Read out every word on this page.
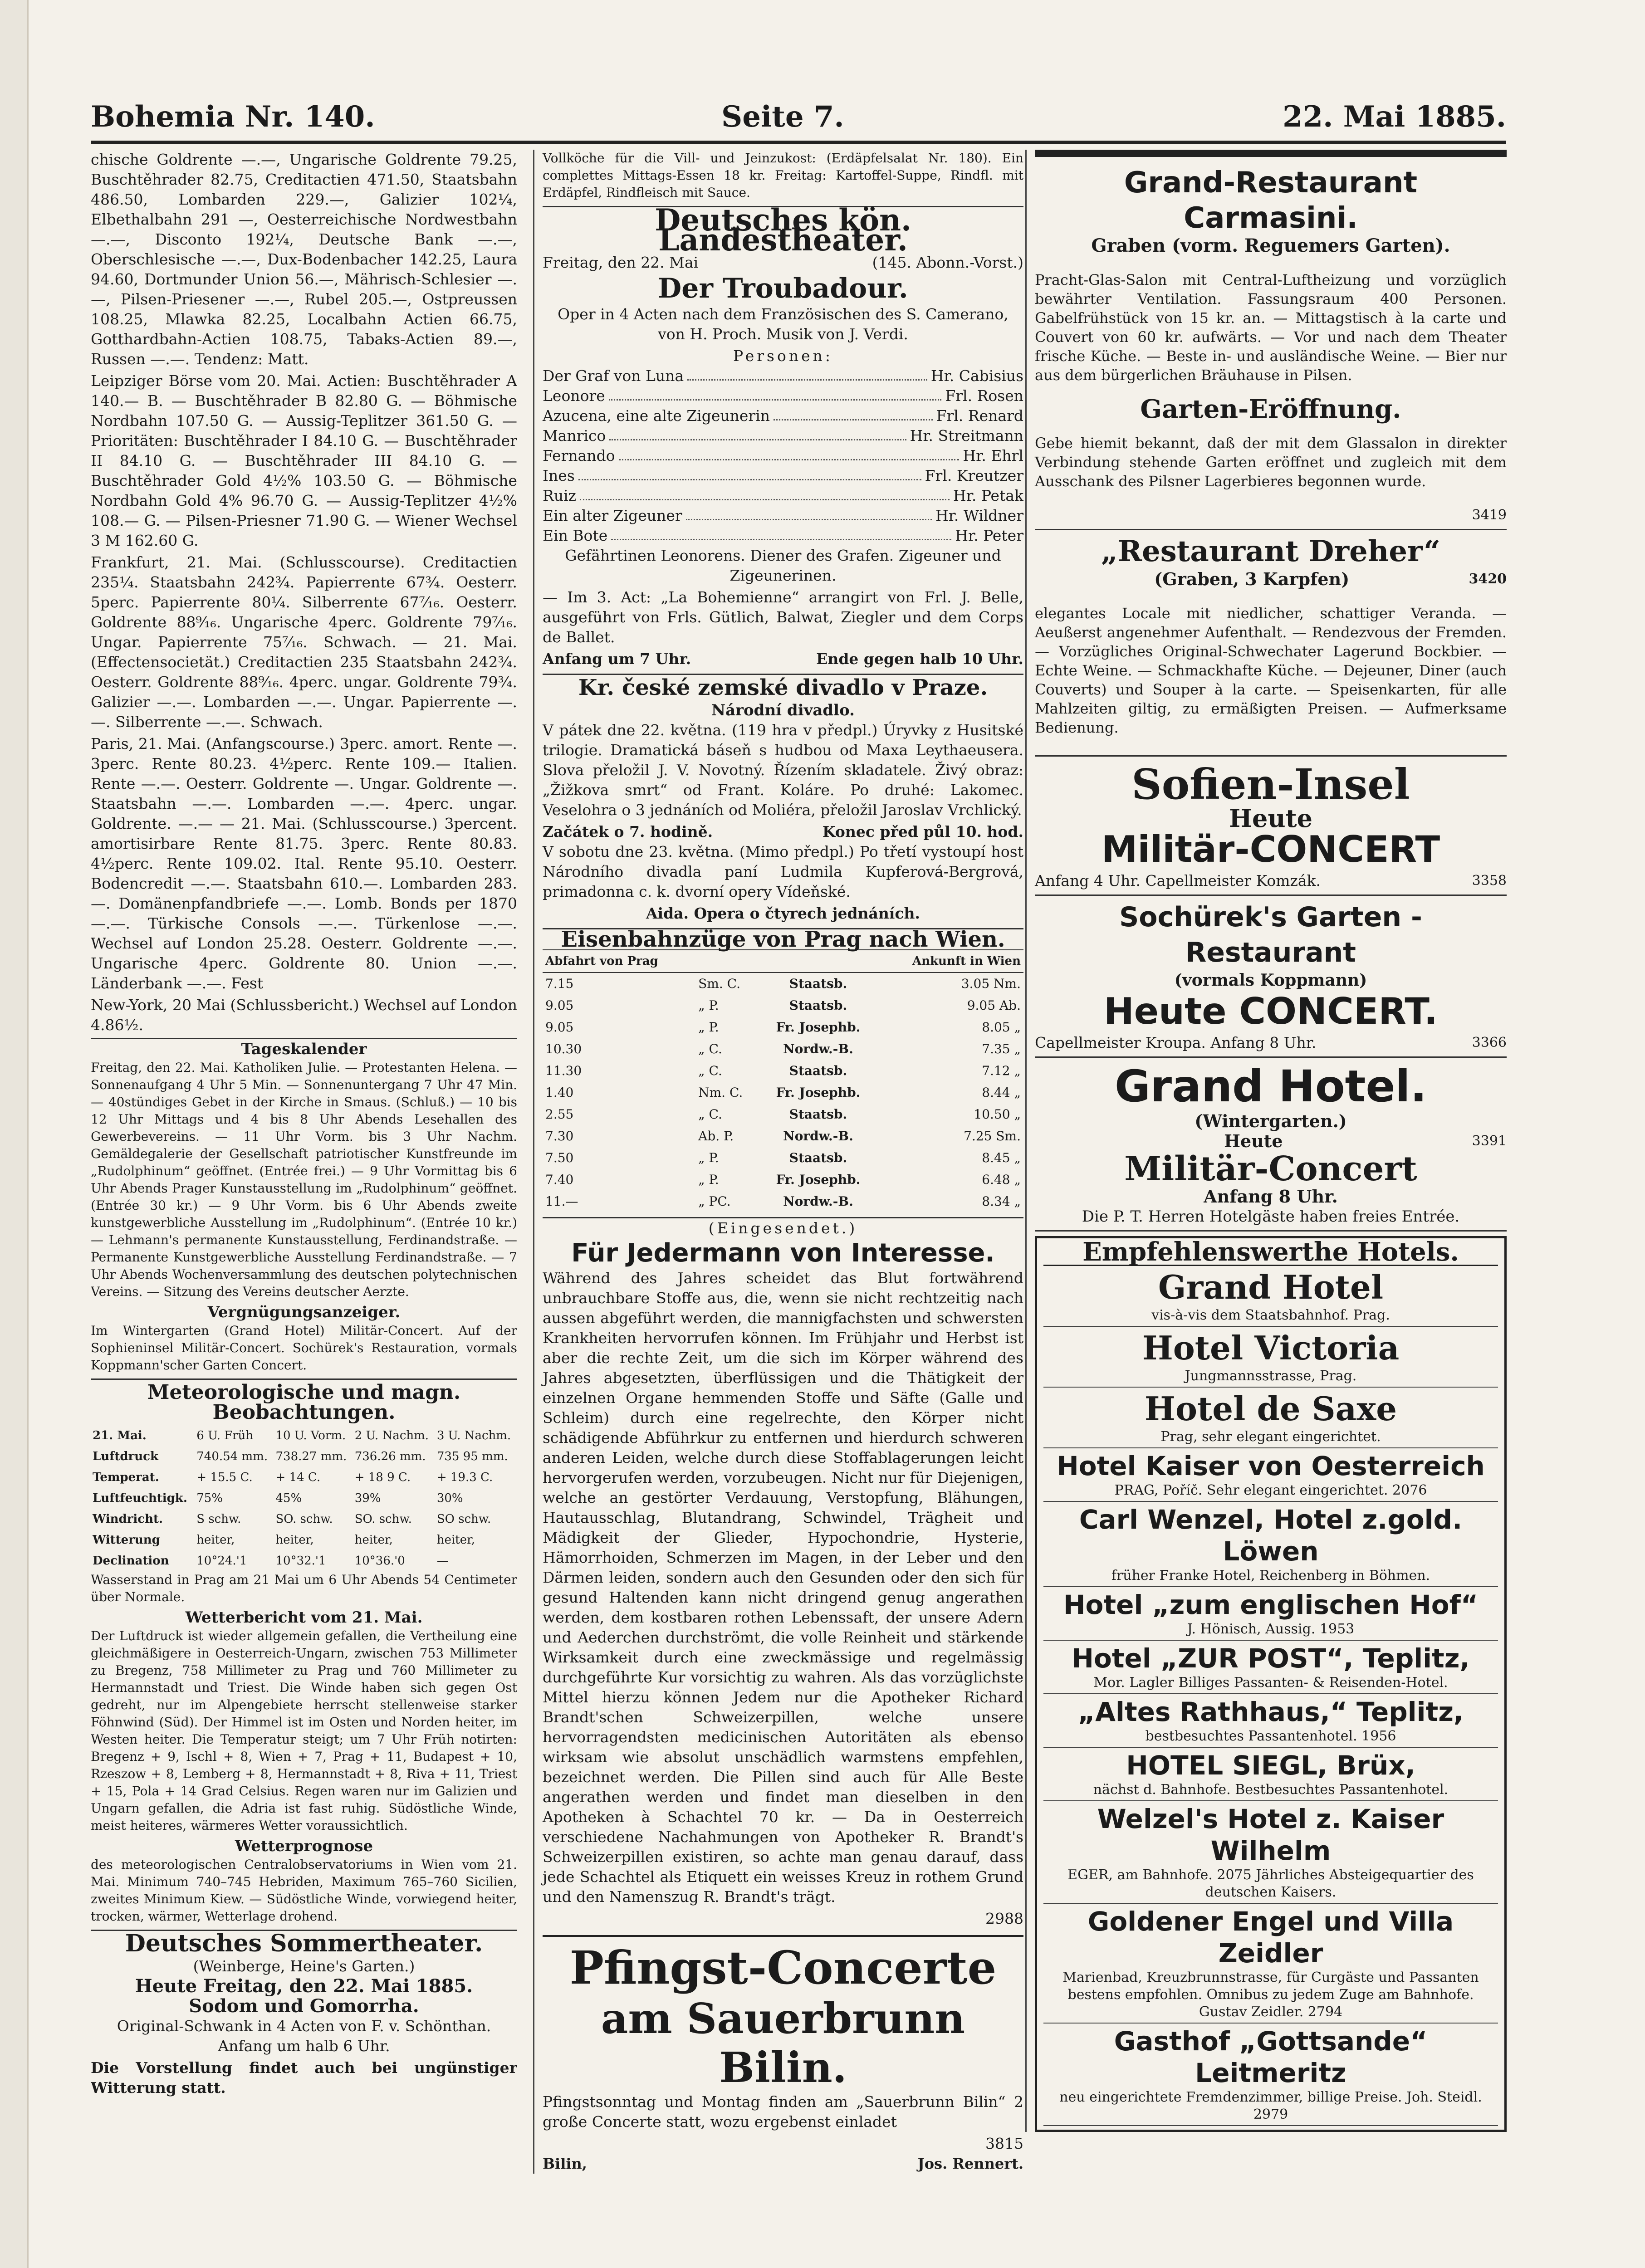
Bohemia Nr. 140.	Seite 7.	22. Mai 1885.

chische Goldrente —.—, Ungarische Goldrente 79.25, Buschtěhrader 82.75, Creditactien 471.50, Staatsbahn 486.50, Lombarden 229.—, Galizier 102¼, Elbethalbahn 291 —, Oesterreichische Nordwestbahn —.—, Disconto 192¼, Deutsche Bank —.—, Oberschlesische —.—, Dux-Bodenbacher 142.25, Laura 94.60, Dortmunder Union 56.—, Mährisch-Schlesier —.—, Pilsen-Priesener —.—, Rubel 205.—, Ostpreussen 108.25, Mlawka 82.25, Localbahn Actien 66.75, Gotthardbahn-Actien 108.75, Tabaks-Actien 89.—, Russen —.—. Tendenz: Matt.

Leipziger Börse vom 20. Mai. Actien: Buschtěhrader A 140.— B. — Buschtěhrader B 82.80 G. — Böhmische Nordbahn 107.50 G. — Aussig-Teplitzer 361.50 G. — Prioritäten: Buschtěhrader I 84.10 G. — Buschtěhrader II 84.10 G. — Buschtěhrader III 84.10 G. — Buschtěhrader Gold 4½% 103.50 G. — Böhmische Nordbahn Gold 4% 96.70 G. — Aussig-Teplitzer 4½% 108.— G. — Pilsen-Priesner 71.90 G. — Wiener Wechsel 3 M 162.60 G.

Frankfurt, 21. Mai. (Schlusscourse). Creditactien 235¼. Staatsbahn 242¾. Papierrente 67¾. Oesterr. 5perc. Papierrente 80¼. Silberrente 67⁷⁄₁₆. Oesterr. Goldrente 88⁹⁄₁₆. Ungarische 4perc. Goldrente 79⁷⁄₁₆. Ungar. Papierrente 75⁷⁄₁₆. Schwach. — 21. Mai. (Effectensocietät.) Creditactien 235 Staatsbahn 242¾. Oesterr. Goldrente 88⁹⁄₁₆. 4perc. ungar. Goldrente 79¾. Galizier —.—. Lombarden —.—. Ungar. Papierrente —.—. Silberrente —.—. Schwach.

Paris, 21. Mai. (Anfangscourse.) 3perc. amort. Rente —. 3perc. Rente 80.23. 4½perc. Rente 109.— Italien. Rente —.—. Oesterr. Goldrente —. Ungar. Goldrente —. Staatsbahn —.—. Lombarden —.—. 4perc. ungar. Goldrente. —.— — 21. Mai. (Schlusscourse.) 3percent. amortisirbare Rente 81.75. 3perc. Rente 80.83. 4½perc. Rente 109.02. Ital. Rente 95.10. Oesterr. Bodencredit —.—. Staatsbahn 610.—. Lombarden 283.—. Domänenpfandbriefe —.—. Lomb. Bonds per 1870 —.—. Türkische Consols —.—. Türkenlose —.—. Wechsel auf London 25.28. Oesterr. Goldrente —.—. Ungarische 4perc. Goldrente 80. Union —.—. Länderbank —.—. Fest

New-York, 20 Mai (Schlussbericht.) Wechsel auf London 4.86½.

Tageskalender

Freitag, den 22. Mai. Katholiken Julie. — Protestanten Helena. — Sonnenaufgang 4 Uhr 5 Min. — Sonnenuntergang 7 Uhr 47 Min. — 40stündiges Gebet in der Kirche in Smaus. (Schluß.) — 10 bis 12 Uhr Mittags und 4 bis 8 Uhr Abends Lesehallen des Gewerbevereins. — 11 Uhr Vorm. bis 3 Uhr Nachm. Gemäldegalerie der Gesellschaft patriotischer Kunstfreunde im „Rudolphinum“ geöffnet. (Entrée frei.) — 9 Uhr Vormittag bis 6 Uhr Abends Prager Kunstausstellung im „Rudolphinum“ geöffnet. (Entrée 30 kr.) — 9 Uhr Vorm. bis 6 Uhr Abends zweite kunstgewerbliche Ausstellung im „Rudolphinum“. (Entrée 10 kr.) — Lehmann's permanente Kunstausstellung, Ferdinandstraße. — Permanente Kunstgewerbliche Ausstellung Ferdinandstraße. — 7 Uhr Abends Wochenversammlung des deutschen polytechnischen Vereins. — Sitzung des Vereins deutscher Aerzte.

Vergnügungsanzeiger.

Im Wintergarten (Grand Hotel) Militär-Concert. Auf der Sophieninsel Militär-Concert. Sochürek's Restauration, vormals Koppmann'scher Garten Concert.

Meteorologische und magn. Beobachtungen.
21. Mai.	6 U. Früh	10 U. Vorm.	2 U. Nachm.	3 U. Nachm.
Luftdruck	740.54 mm.	738.27 mm.	736.26 mm.	735 95 mm.
Temperat.	+ 15.5 C.	+ 14 C.	+ 18 9 C.	+ 19.3 C.
Luftfeuchtigk.	75%	45%	39%	30%
Windricht.	S schw.	SO. schw.	SO. schw.	SO schw.
Witterung	heiter,	heiter,	heiter,	heiter,
Declination	10°24.'1	10°32.'1	10°36.'0	—

Wasserstand in Prag am 21 Mai um 6 Uhr Abends 54 Centimeter über Normale.

Wetterbericht vom 21. Mai.

Der Luftdruck ist wieder allgemein gefallen, die Vertheilung eine gleichmäßigere in Oesterreich-Ungarn, zwischen 753 Millimeter zu Bregenz, 758 Millimeter zu Prag und 760 Millimeter zu Hermannstadt und Triest. Die Winde haben sich gegen Ost gedreht, nur im Alpengebiete herrscht stellenweise starker Föhnwind (Süd). Der Himmel ist im Osten und Norden heiter, im Westen heiter. Die Temperatur steigt; um 7 Uhr Früh notirten: Bregenz + 9, Ischl + 8, Wien + 7, Prag + 11, Budapest + 10, Rzeszow + 8, Lemberg + 8, Hermannstadt + 8, Riva + 11, Triest + 15, Pola + 14 Grad Celsius. Regen waren nur im Galizien und Ungarn gefallen, die Adria ist fast ruhig. Südöstliche Winde, meist heiteres, wärmeres Wetter voraussichtlich.

Wetterprognose

des meteorologischen Centralobservatoriums in Wien vom 21. Mai. Minimum 740–745 Hebriden, Maximum 765–760 Sicilien, zweites Minimum Kiew. — Südöstliche Winde, vorwiegend heiter, trocken, wärmer, Wetterlage drohend.

Deutsches Sommertheater.
(Weinberge, Heine's Garten.)
Heute Freitag, den 22. Mai 1885.
Sodom und Gomorrha.

Original-Schwank in 4 Acten von F. v. Schönthan. Anfang um halb 6 Uhr.

Die Vorstellung findet auch bei ungünstiger Witterung statt.

Vollköche für die Vill- und Jeinzukost: (Erdäpfelsalat Nr. 180). Ein complettes Mittags-Essen 18 kr. Freitag: Kartoffel-Suppe, Rindfl. mit Erdäpfel, Rindfleisch mit Sauce.

Deutsches kön. Landestheater.
Freitag, den 22. Mai	(145. Abonn.-Vorst.)
Der Troubadour.

Oper in 4 Acten nach dem Französischen des S. Camerano, von H. Proch. Musik von J. Verdi.

Personen:
Der Graf von Luna	Hr. Cabisius
Leonore	Frl. Rosen
Azucena, eine alte Zigeunerin	Frl. Renard
Manrico	Hr. Streitmann
Fernando	Hr. Ehrl
Ines	Frl. Kreutzer
Ruiz	Hr. Petak
Ein alter Zigeuner	Hr. Wildner
Ein Bote	Hr. Peter

Gefährtinen Leonorens. Diener des Grafen. Zigeuner und Zigeunerinen.

— Im 3. Act: „La Bohemienne“ arrangirt von Frl. J. Belle, ausgeführt von Frls. Gütlich, Balwat, Ziegler und dem Corps de Ballet.

Anfang um 7 Uhr.	Ende gegen halb 10 Uhr.
Kr. české zemské divadlo v Praze.
Národní divadlo.

V pátek dne 22. května. (119 hra v předpl.) Úryvky z Husitské trilogie. Dramatická báseň s hudbou od Maxa Leythaeusera. Slova přeložil J. V. Novotný. Řízením skladatele. Živý obraz: „Žižkova smrt“ od Frant. Koláre. Po druhé: Lakomec. Veselohra o 3 jednáních od Moliéra, přeložil Jaroslav Vrchlický.

Začátek o 7. hodině.	Konec před půl 10. hod.

V sobotu dne 23. května. (Mimo předpl.) Po třetí vystoupí host Národního divadla paní Ludmila Kupferová-Bergrová, primadonna c. k. dvorní opery Vídeňské.

Aida. Opera o čtyrech jednáních.
Eisenbahnzüge von Prag nach Wien.
Abfahrt von Prag			Ankunft in Wien
7.15	Sm. C.	Staatsb.	3.05 Nm.
9.05	„ P.	Staatsb.	9.05 Ab.
9.05	„ P.	Fr. Josephb.	8.05 „
10.30	„ C.	Nordw.-B.	7.35 „
11.30	„ C.	Staatsb.	7.12 „
1.40	Nm. C.	Fr. Josephb.	8.44 „
2.55	„ C.	Staatsb.	10.50 „
7.30	Ab. P.	Nordw.-B.	7.25 Sm.
7.50	„ P.	Staatsb.	8.45 „
7.40	„ P.	Fr. Josephb.	6.48 „
11.—	„ PC.	Nordw.-B.	8.34 „
(Eingesendet.)
Für Jedermann von Interesse.

Während des Jahres scheidet das Blut fortwährend unbrauchbare Stoffe aus, die, wenn sie nicht rechtzeitig nach aussen abgeführt werden, die mannigfachsten und schwersten Krankheiten hervorrufen können. Im Frühjahr und Herbst ist aber die rechte Zeit, um die sich im Körper während des Jahres abgesetzten, überflüssigen und die Thätigkeit der einzelnen Organe hemmenden Stoffe und Säfte (Galle und Schleim) durch eine regelrechte, den Körper nicht schädigende Abführkur zu entfernen und hierdurch schweren anderen Leiden, welche durch diese Stoffablagerungen leicht hervorgerufen werden, vorzubeugen. Nicht nur für Diejenigen, welche an gestörter Verdauung, Verstopfung, Blähungen, Hautausschlag, Blutandrang, Schwindel, Trägheit und Mädigkeit der Glieder, Hypochondrie, Hysterie, Hämorrhoiden, Schmerzen im Magen, in der Leber und den Därmen leiden, sondern auch den Gesunden oder den sich für gesund Haltenden kann nicht dringend genug angerathen werden, dem kostbaren rothen Lebenssaft, der unsere Adern und Aederchen durchströmt, die volle Reinheit und stärkende Wirksamkeit durch eine zweckmässige und regelmässig durchgeführte Kur vorsichtig zu wahren. Als das vorzüglichste Mittel hierzu können Jedem nur die Apotheker Richard Brandt'schen Schweizerpillen, welche unsere hervorragendsten medicinischen Autoritäten als ebenso wirksam wie absolut unschädlich warmstens empfehlen, bezeichnet werden. Die Pillen sind auch für Alle Beste angerathen werden und findet man dieselben in den Apotheken à Schachtel 70 kr. — Da in Oesterreich verschiedene Nachahmungen von Apotheker R. Brandt's Schweizerpillen existiren, so achte man genau darauf, dass jede Schachtel als Etiquett ein weisses Kreuz in rothem Grund und den Namenszug R. Brandt's trägt.

2988
Pfingst-Concerte
am Sauerbrunn Bilin.

Pfingstsonntag und Montag finden am „Sauerbrunn Bilin“ 2 große Concerte statt, wozu ergebenst einladet

3815
Bilin,	Jos. Rennert.
Grand-Restaurant Carmasini.
Graben (vorm. Reguemers Garten).

Pracht-Glas-Salon mit Central-Luftheizung und vorzüglich bewährter Ventilation. Fassungsraum 400 Personen. Gabelfrühstück von 15 kr. an. — Mittagstisch à la carte und Couvert von 60 kr. aufwärts. — Vor und nach dem Theater frische Küche. — Beste in- und ausländische Weine. — Bier nur aus dem bürgerlichen Bräuhause in Pilsen.

Garten-Eröffnung.

Gebe hiemit bekannt, daß der mit dem Glassalon in direkter Verbindung stehende Garten eröffnet und zugleich mit dem Ausschank des Pilsner Lagerbieres begonnen wurde.

3419
„Restaurant Dreher“
(Graben, 3 Karpfen)	3420

elegantes Locale mit niedlicher, schattiger Veranda. — Aeußerst angenehmer Aufenthalt. — Rendezvous der Fremden. — Vorzügliches Original-Schwechater Lagerund Bockbier. — Echte Weine. — Schmackhafte Küche. — Dejeuner, Diner (auch Couverts) und Souper à la carte. — Speisenkarten, für alle Mahlzeiten giltig, zu ermäßigten Preisen. — Aufmerksame Bedienung.

Sofien-Insel
Heute
Militär-CONCERT
Anfang 4 Uhr. Capellmeister Komzák.	3358
Sochürek's Garten - Restaurant
(vormals Koppmann)
Heute CONCERT.
Capellmeister Kroupa. Anfang 8 Uhr.	3366
Grand Hotel.
(Wintergarten.)
Heute	3391
Militär-Concert
Anfang 8 Uhr.
Die P. T. Herren Hotelgäste haben freies Entrée.
Empfehlenswerthe Hotels.
Grand Hotel
vis-à-vis dem Staatsbahnhof. Prag.
Hotel Victoria
Jungmannsstrasse, Prag.
Hotel de Saxe
Prag, sehr elegant eingerichtet.
Hotel Kaiser von Oesterreich
PRAG, Poříč. Sehr elegant eingerichtet. 2076
Carl Wenzel, Hotel z.gold. Löwen
früher Franke Hotel, Reichenberg in Böhmen.
Hotel „zum englischen Hof“
J. Hönisch, Aussig. 1953
Hotel „ZUR POST“, Teplitz,
Mor. Lagler Billiges Passanten- & Reisenden-Hotel.
„Altes Rathhaus,“ Teplitz,
bestbesuchtes Passantenhotel. 1956
HOTEL SIEGL, Brüx,
nächst d. Bahnhofe. Bestbesuchtes Passantenhotel.
Welzel's Hotel z. Kaiser Wilhelm
EGER, am Bahnhofe. 2075 Jährliches Absteigequartier des deutschen Kaisers.
Goldener Engel und Villa Zeidler
Marienbad, Kreuzbrunnstrasse, für Curgäste und Passanten bestens empfohlen. Omnibus zu jedem Zuge am Bahnhofe. Gustav Zeidler. 2794
Gasthof „Gottsande“ Leitmeritz
neu eingerichtete Fremdenzimmer, billige Preise. Joh. Steidl. 2979
